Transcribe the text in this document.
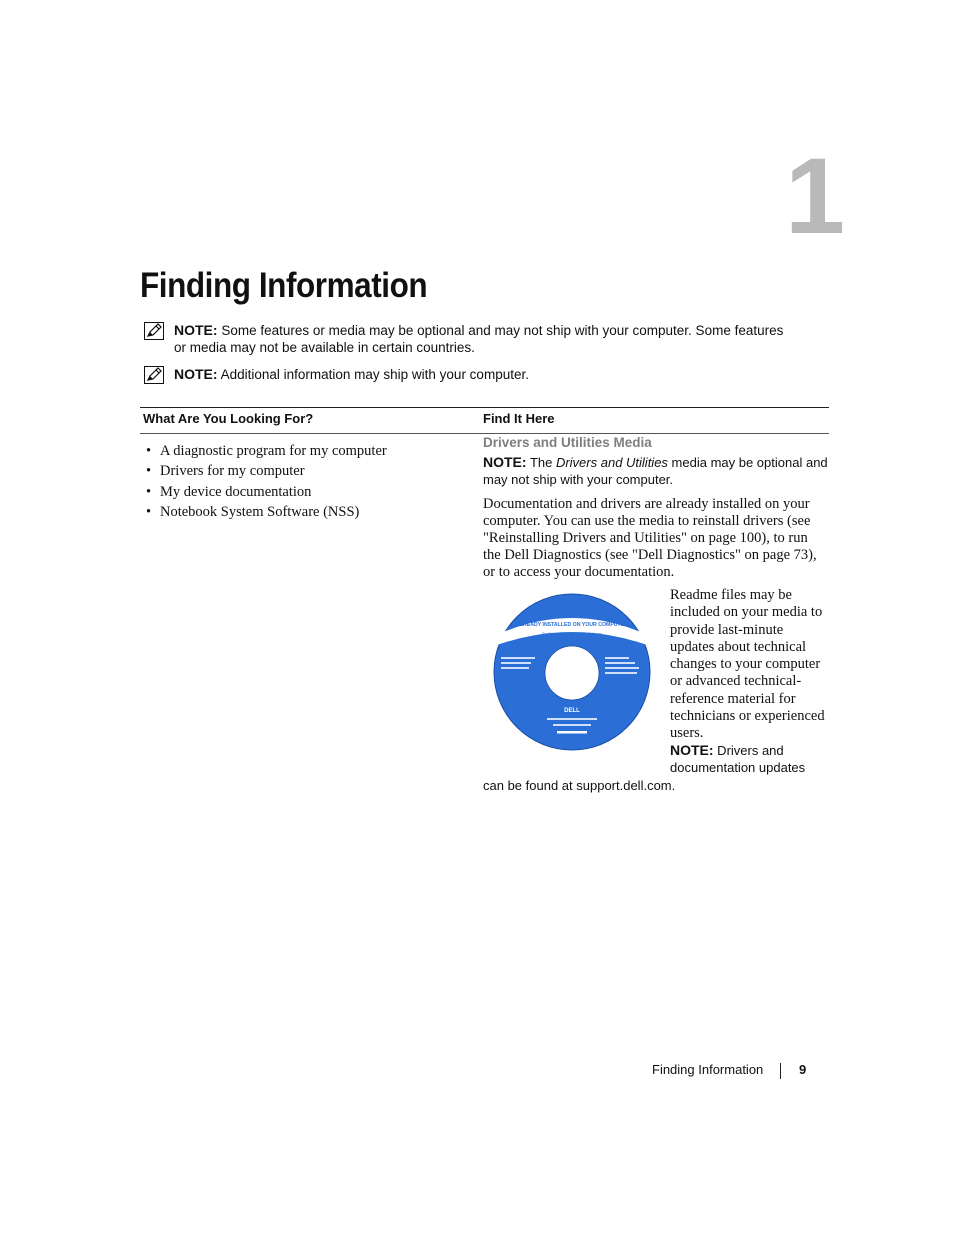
1
Finding Information
NOTE: Some features or media may be optional and may not ship with your computer. Some features or media may not be available in certain countries.
NOTE: Additional information may ship with your computer.
What Are You Looking For?	Find It Here
• A diagnostic program for my computer
• Drivers for my computer
• My device documentation
• Notebook System Software (NSS)

Drivers and Utilities Media

NOTE: The Drivers and Utilities media may be optional and may not ship with your computer.

Documentation and drivers are already installed on your computer. You can use the media to reinstall drivers (see "Reinstalling Drivers and Utilities" on page 100), to run the Dell Diagnostics (see "Dell Diagnostics" on page 73), or to access your documentation.

DRIVERS AND UTILITIES
ALREADY INSTALLED ON YOUR COMPUTER
For Reinstalling Dell System Software
DELL
Readme files may be included on your media to provide last-minute updates about technical changes to your computer or advanced technical-reference material for technicians or experienced users.
NOTE: Drivers and documentation updates

can be found at support.dell.com.

Finding Information	9
